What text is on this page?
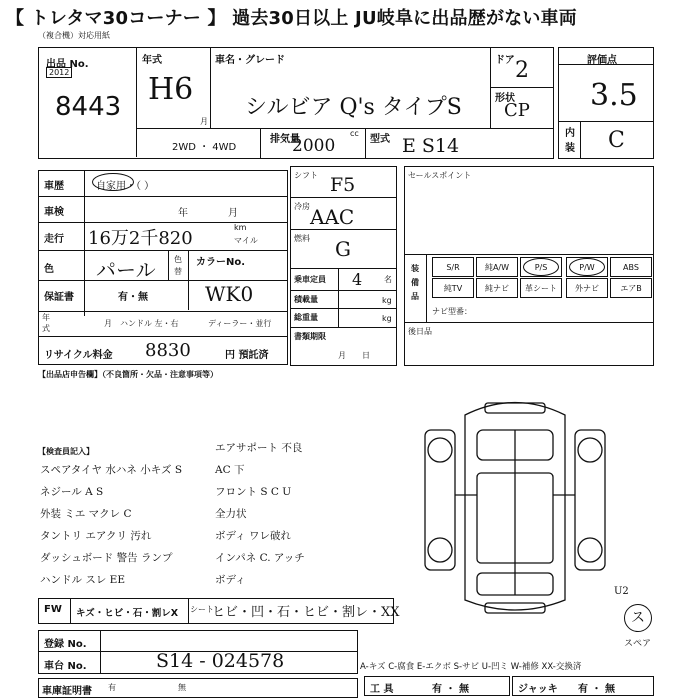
【 トレタマ30コーナー 】 過去30日以上 JU岐阜に出品歴がない車両
（複合機）対応用紙
出品 No.
2012
8443
年式
H6
月
車名・グレード
シルビア Q's タイプS
ドア 2
形状
CP
2WD ・ 4WD
排気量
2000
cc
型式 E S14
評価点
3.5
内
装 C
車歴	自家用・（ ）
車検	年　　　　月
走行 16万2千820
km
マイル
色 パール 色
替
カラーNo.
保証書	有・無	WK0
年
式
月 ハンドル 左・右	ディーラー・並行
リサイクル料金 8830	円 預託済
シフト F5
冷房 AAC
燃料 G
乗車定員 4	名
積載量	kg
総重量	kg
書類期限
月　　日
セールスポイント
装備品
S/R	純A/W	P/S	P/W	ABS
純TV	純ナビ	革シート	外ナビ	エアB
ナビ型番：
後日品
【出品店申告欄】（不良箇所・欠品・注意事項等）
【検査員記入】
スペアタイヤ 水ハネ 小キズ S
ネジール A S
外装 ミエ マクレ C
タントリ エアクリ 汚れ
ダッシュボード 警告 ランプ
ハンドル スレ EE
エアサポート 不良
AC 下
フロント S C U
全力状
ボディ ワレ破れ
インパネ C. アッチ
ボディ
FW キズ・ヒビ・石・割レX シート
ヒビ・凹・石・ヒビ・割レ・XX
登録 No.
車台 No.	S14 - 024578
車庫証明書 有	無
A-キズ C-腐食 E-エクボ S-サビ U-凹ミ W-補修 XX-交換済
工 具	有 ・ 無	ジャッキ 有 ・ 無
ス
スペア
U2
